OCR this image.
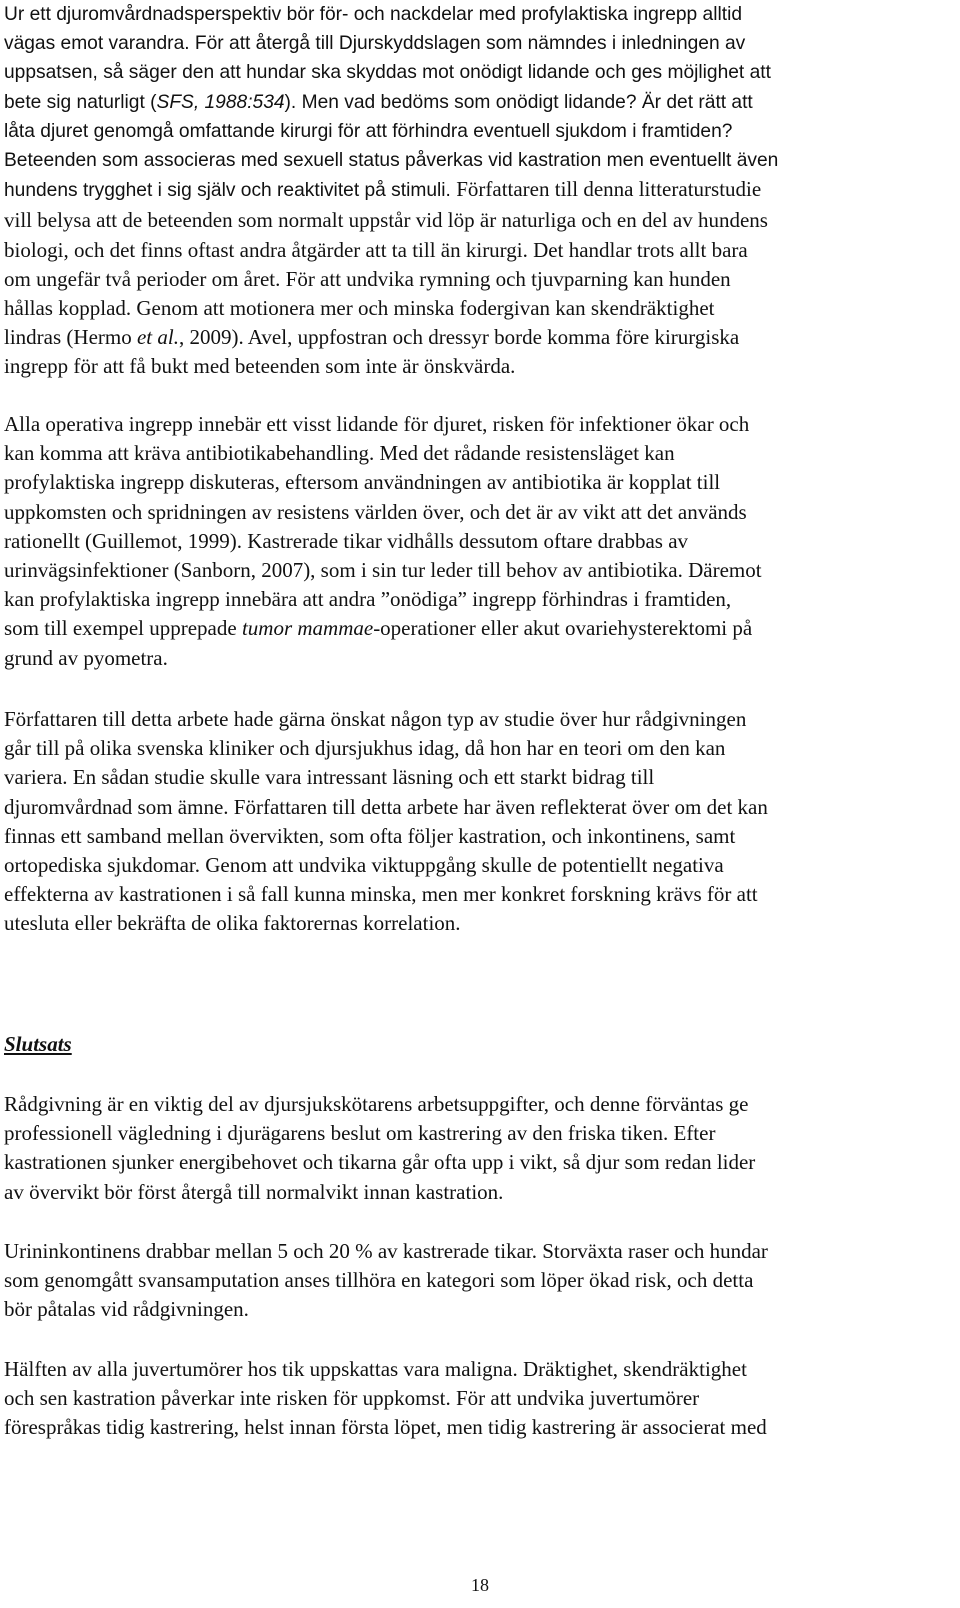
Ur ett djuromvårdnadsperspektiv bör för- och nackdelar med profylaktiska ingrepp alltid
vägas emot varandra. För att återgå till Djurskyddslagen som nämndes i inledningen av
uppsatsen, så säger den att hundar ska skyddas mot onödigt lidande och ges möjlighet att
bete sig naturligt (SFS, 1988:534). Men vad bedöms som onödigt lidande? Är det rätt att
låta djuret genomgå omfattande kirurgi för att förhindra eventuell sjukdom i framtiden?
Beteenden som associeras med sexuell status påverkas vid kastration men eventuellt även
hundens trygghet i sig själv och reaktivitet på stimuli. Författaren till denna litteraturstudie
vill belysa att de beteenden som normalt uppstår vid löp är naturliga och en del av hundens
biologi, och det finns oftast andra åtgärder att ta till än kirurgi. Det handlar trots allt bara
om ungefär två perioder om året. För att undvika rymning och tjuvparning kan hunden
hållas kopplad. Genom att motionera mer och minska fodergivan kan skendräktighet
lindras (Hermo et al., 2009). Avel, uppfostran och dressyr borde komma före kirurgiska
ingrepp för att få bukt med beteenden som inte är önskvärda.
Alla operativa ingrepp innebär ett visst lidande för djuret, risken för infektioner ökar och
kan komma att kräva antibiotikabehandling. Med det rådande resistensläget kan
profylaktiska ingrepp diskuteras, eftersom användningen av antibiotika är kopplat till
uppkomsten och spridningen av resistens världen över, och det är av vikt att det används
rationellt (Guillemot, 1999). Kastrerade tikar vidhålls dessutom oftare drabbas av
urinvägsinfektioner (Sanborn, 2007), som i sin tur leder till behov av antibiotika. Däremot
kan profylaktiska ingrepp innebära att andra ”onödiga” ingrepp förhindras i framtiden,
som till exempel upprepade tumor mammae-operationer eller akut ovariehysterektomi på
grund av pyometra.
Författaren till detta arbete hade gärna önskat någon typ av studie över hur rådgivningen
går till på olika svenska kliniker och djursjukhus idag, då hon har en teori om den kan
variera. En sådan studie skulle vara intressant läsning och ett starkt bidrag till
djuromvårdnad som ämne. Författaren till detta arbete har även reflekterat över om det kan
finnas ett samband mellan övervikten, som ofta följer kastration, och inkontinens, samt
ortopediska sjukdomar. Genom att undvika viktuppgång skulle de potentiellt negativa
effekterna av kastrationen i så fall kunna minska, men mer konkret forskning krävs för att
utesluta eller bekräfta de olika faktorernas korrelation.
Slutsats
Rådgivning är en viktig del av djursjukskötarens arbetsuppgifter, och denne förväntas ge
professionell vägledning i djurägarens beslut om kastrering av den friska tiken. Efter
kastrationen sjunker energibehovet och tikarna går ofta upp i vikt, så djur som redan lider
av övervikt bör först återgå till normalvikt innan kastration.
Urininkontinens drabbar mellan 5 och 20 % av kastrerade tikar. Storväxta raser och hundar
som genomgått svansamputation anses tillhöra en kategori som löper ökad risk, och detta
bör påtalas vid rådgivningen.
Hälften av alla juvertumörer hos tik uppskattas vara maligna. Dräktighet, skendräktighet
och sen kastration påverkar inte risken för uppkomst. För att undvika juvertumörer
förespråkas tidig kastrering, helst innan första löpet, men tidig kastrering är associerat med
18
